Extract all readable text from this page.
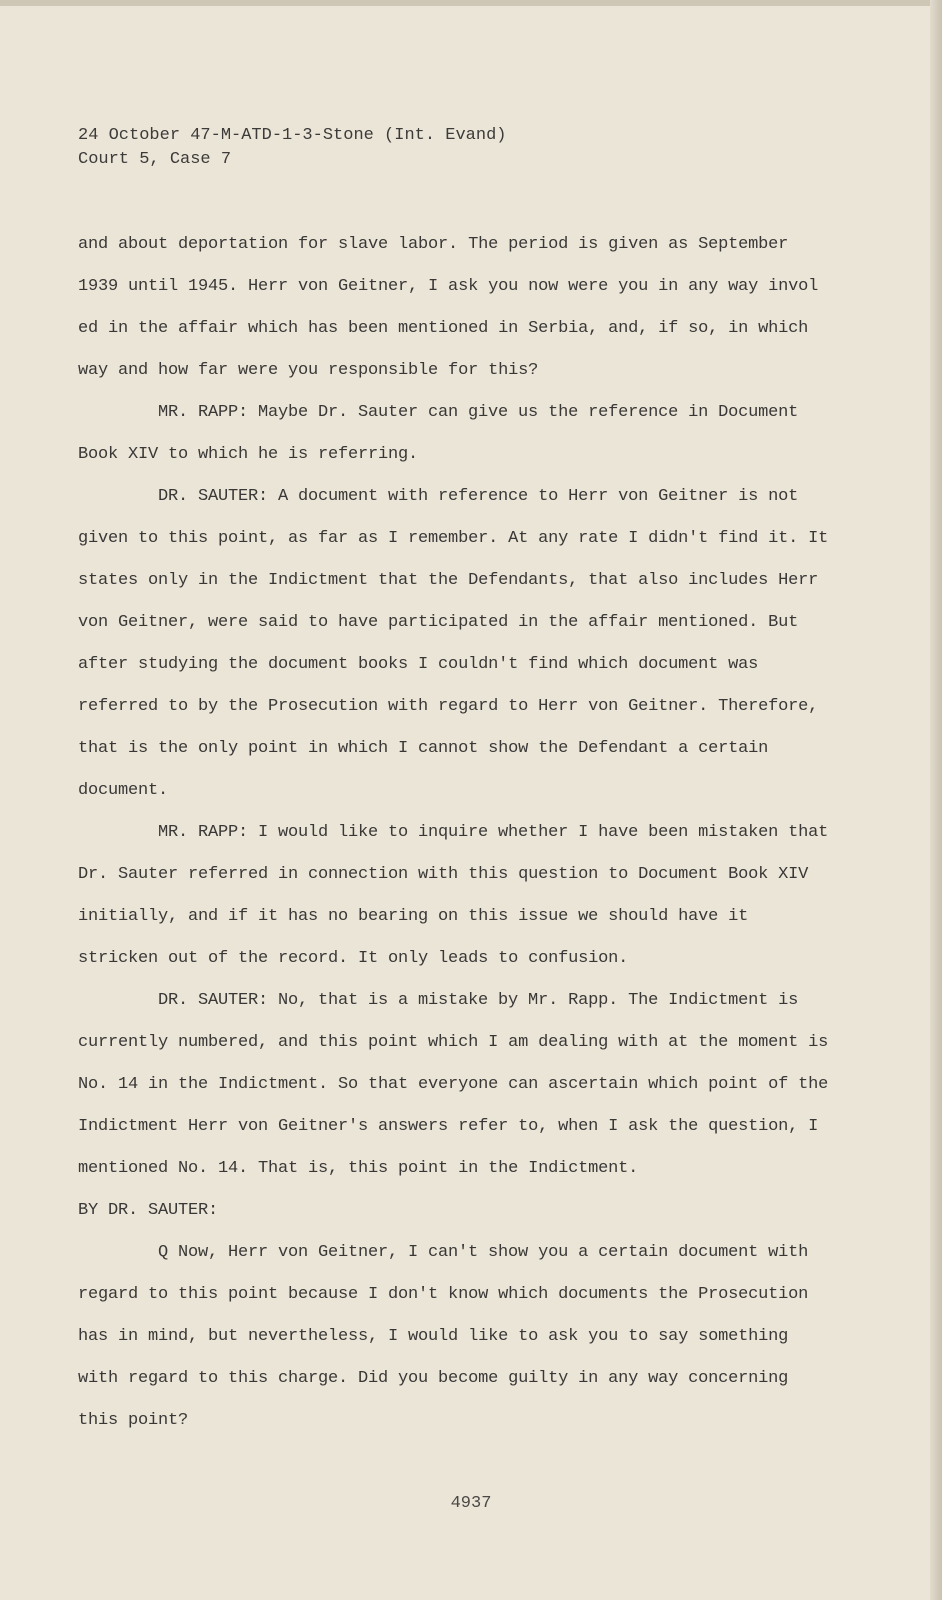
24 October 47-M-ATD-1-3-Stone (Int. Evand)
Court 5, Case 7

and about deportation for slave labor. The period is given as September 1939 until 1945. Herr von Geitner, I ask you now were you in any way invol ed in the affair which has been mentioned in Serbia, and, if so, in which way and how far were you responsible for this?

MR. RAPP: Maybe Dr. Sauter can give us the reference in Document Book XIV to which he is referring.

DR. SAUTER: A document with reference to Herr von Geitner is not given to this point, as far as I remember. At any rate I didn't find it. It states only in the Indictment that the Defendants, that also includes Herr von Geitner, were said to have participated in the affair mentioned. But after studying the document books I couldn't find which document was referred to by the Prosecution with regard to Herr von Geitner. Therefore, that is the only point in which I cannot show the Defendant a certain document.

MR. RAPP: I would like to inquire whether I have been mistaken that Dr. Sauter referred in connection with this question to Document Book XIV initially, and if it has no bearing on this issue we should have it stricken out of the record. It only leads to confusion.

DR. SAUTER: No, that is a mistake by Mr. Rapp. The Indictment is currently numbered, and this point which I am dealing with at the moment is No. 14 in the Indictment. So that everyone can ascertain which point of the Indictment Herr von Geitner's answers refer to, when I ask the question, I mentioned No. 14. That is, this point in the Indictment.

BY DR. SAUTER:

Q Now, Herr von Geitner, I can't show you a certain document with regard to this point because I don't know which documents the Prosecution has in mind, but nevertheless, I would like to ask you to say something with regard to this charge. Did you become guilty in any way concerning this point?

4937
